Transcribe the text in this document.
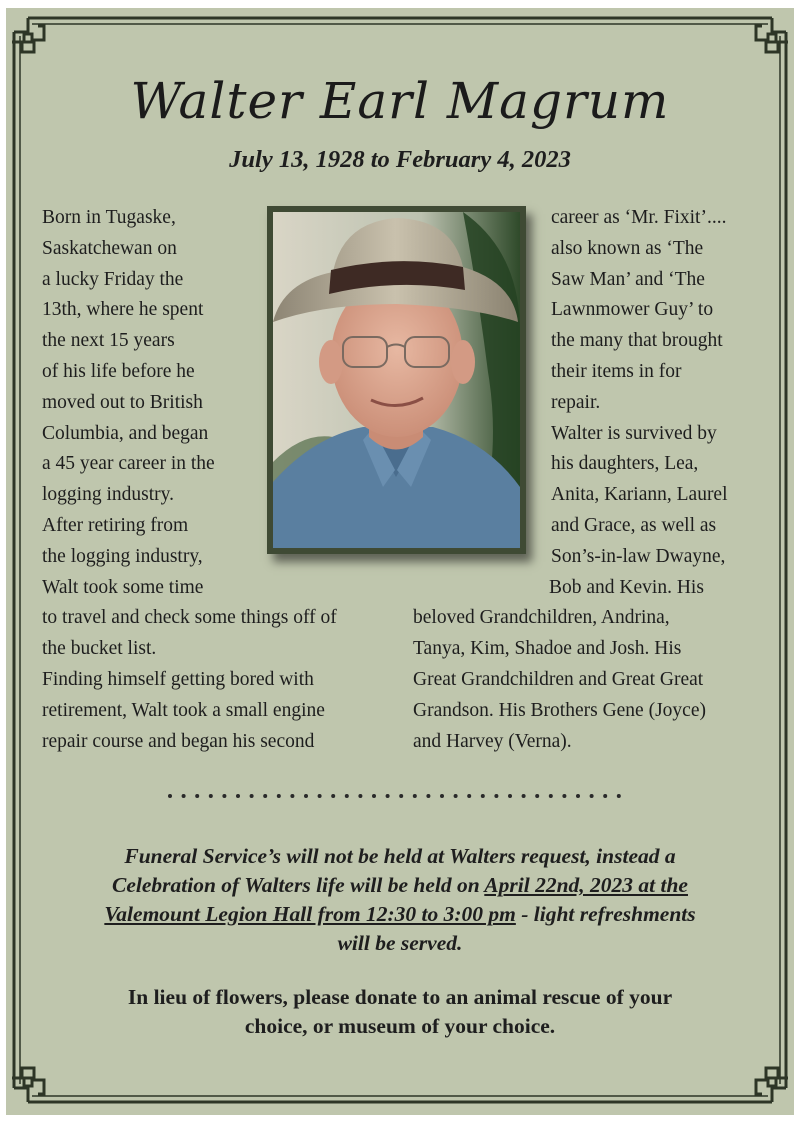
Walter Earl Magrum
July 13, 1928 to February 4, 2023
Born in Tugaske,
Saskatchewan on
a lucky Friday the
13th, where he spent
the next 15 years
of his life before he
moved out to British
Columbia, and began
a 45 year career in the
logging industry.
After retiring from
the logging industry,
Walt took some time
to travel and check some things off of
the bucket list.
Finding himself getting bored with
retirement, Walt took a small engine
repair course and began his second
career as ‘Mr. Fixit’....
also known as ‘The
Saw Man’ and ‘The
Lawnmower Guy’ to
the many that brought
their items in for
repair.
Walter is survived by
his daughters, Lea,
Anita, Kariann, Laurel
and Grace, as well as
Son’s-in-law Dwayne,
Bob and Kevin. His
beloved Grandchildren, Andrina,
Tanya, Kim, Shadoe and Josh. His
Great Grandchildren and Great Great
Grandson. His Brothers Gene (Joyce)
and Harvey (Verna).
Funeral Service’s will not be held at Walters request, instead a
Celebration of Walters life will be held on April 22nd, 2023 at the
Valemount Legion Hall from 12:30 to 3:00 pm - light refreshments
will be served.
In lieu of flowers, please donate to an animal rescue of your
choice, or museum of your choice.
